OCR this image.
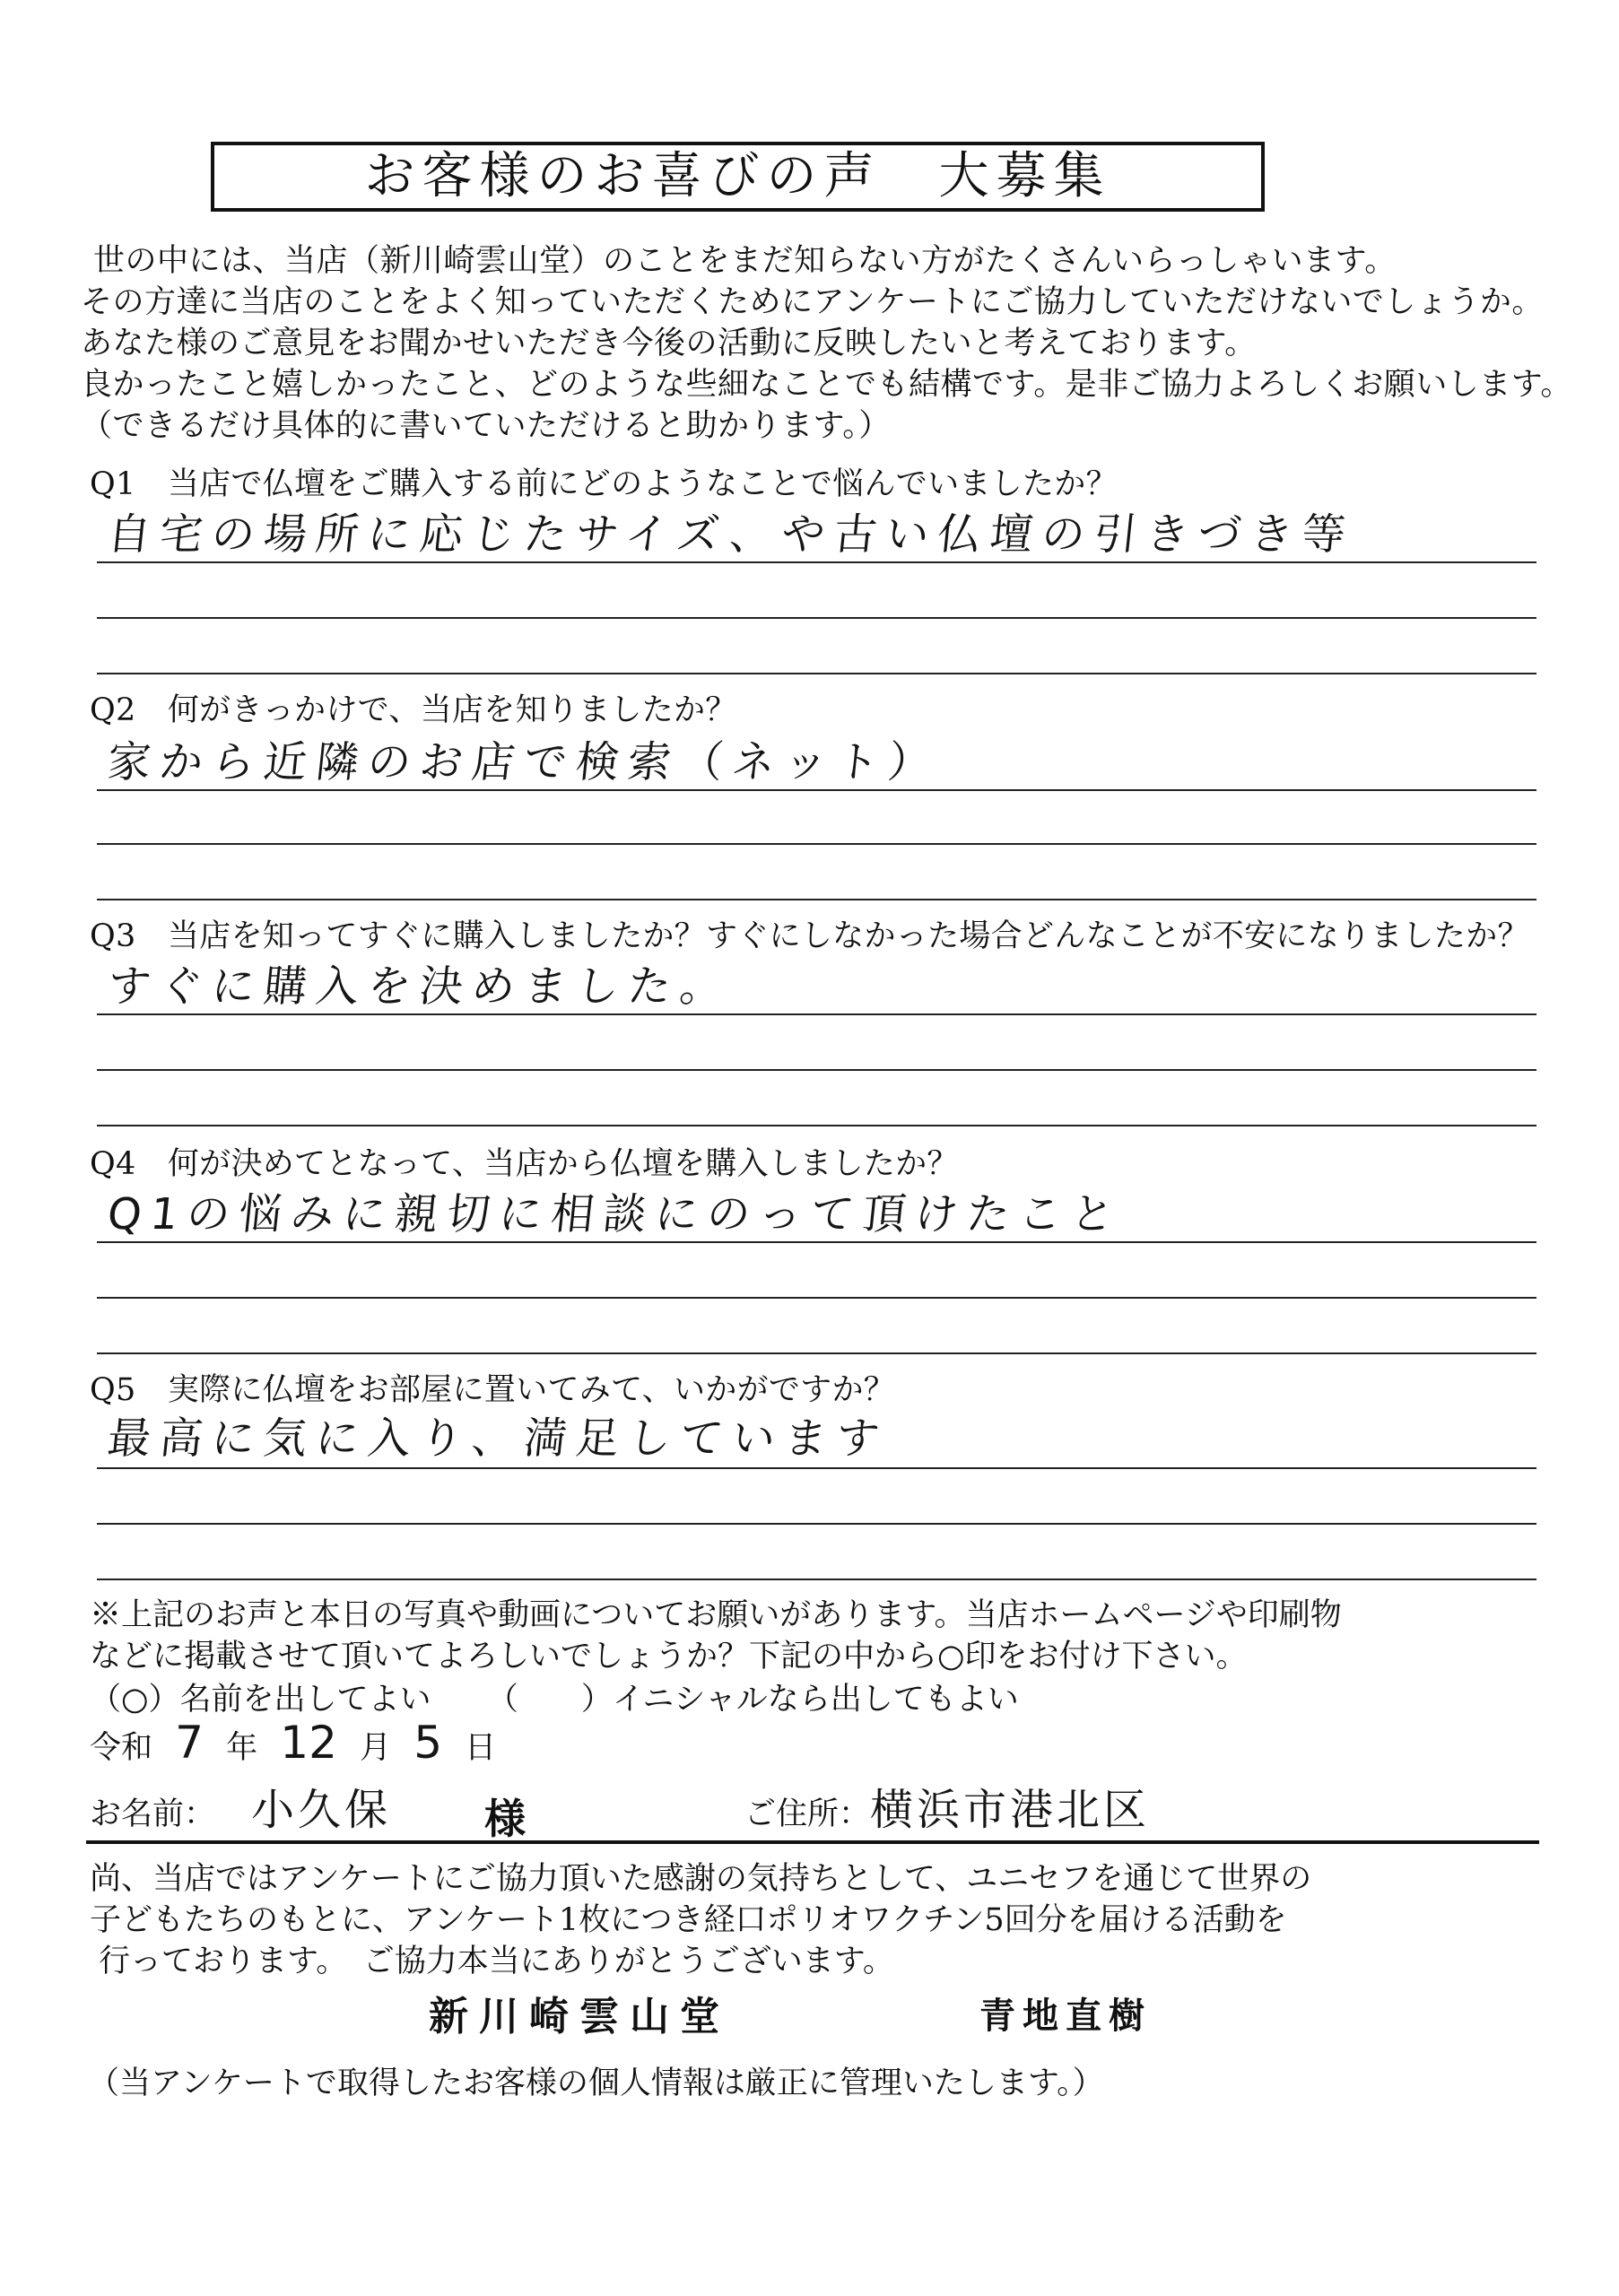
お客様のお喜びの声　大募集

世の中には、当店（新川崎雲山堂）のことをまだ知らない方がたくさんいらっしゃいます。

その方達に当店のことをよく知っていただくためにアンケートにご協力していただけないでしょうか。

あなた様のご意見をお聞かせいただき今後の活動に反映したいと考えております。

良かったこと嬉しかったこと、どのような些細なことでも結構です。是非ご協力よろしくお願いします。

（できるだけ具体的に書いていただけると助かります。）

Q1　当店で仏壇をご購入する前にどのようなことで悩んでいましたか？
自宅の場所に応じたサイズ、や古い仏壇の引きづき等
Q2　何がきっかけで、当店を知りましたか？
家から近隣のお店で検索（ネット）
Q3　当店を知ってすぐに購入しましたか？すぐにしなかった場合どんなことが不安になりましたか？
すぐに購入を決めました。
Q4　何が決めてとなって、当店から仏壇を購入しましたか？
Q1の悩みに親切に相談にのって頂けたこと
Q5　実際に仏壇をお部屋に置いてみて、いかがですか？
最高に気に入り、満足しています

※上記のお声と本日の写真や動画についてお願いがあります。当店ホームページや印刷物

などに掲載させて頂いてよろしいでしょうか？下記の中から○印をお付け下さい。

（○）名前を出してよい （　　）イニシャルなら出してもよい
令和 7 年 12 月 5 日
お名前： 小久保 様	ご住所： 横浜市港北区

尚、当店ではアンケートにご協力頂いた感謝の気持ちとして、ユニセフを通じて世界の

子どもたちのもとに、アンケート1枚につき経口ポリオワクチン5回分を届ける活動を

行っております。　ご協力本当にありがとうございます。

新川崎雲山堂	青地直樹
（当アンケートで取得したお客様の個人情報は厳正に管理いたします。）
